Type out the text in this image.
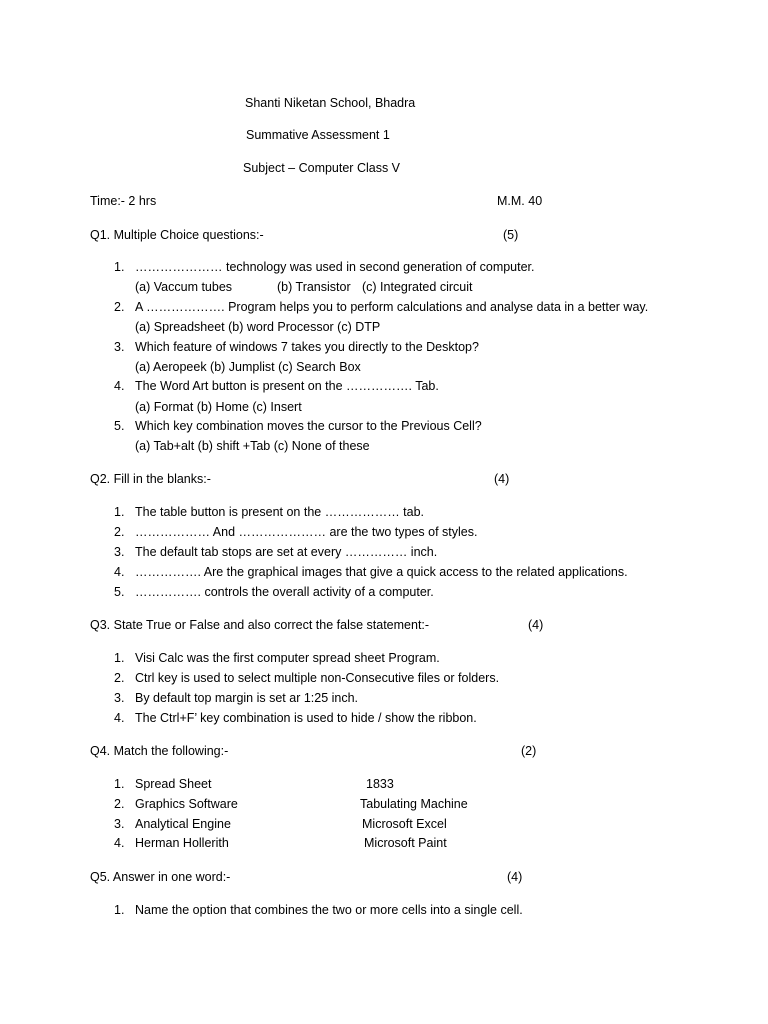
Shanti Niketan School, Bhadra
Summative Assessment 1
Subject – Computer Class V
Time:- 2 hrs	M.M. 40
Q1. Multiple Choice questions:-	(5)
1. ………………… technology was used in second generation of computer.
(a) Vaccum tubes	(b) Transistor (c) Integrated circuit
2. A ………………. Program helps you to perform calculations and analyse data in a better way.
(a) Spreadsheet (b) word Processor (c) DTP
3. Which feature of windows 7 takes you directly to the Desktop?
(a) Aeropeek (b) Jumplist (c) Search Box
4. The Word Art button is present on the ……………. Tab.
(a) Format (b) Home (c) Insert
5. Which key combination moves the cursor to the Previous Cell?
(a) Tab+alt (b) shift +Tab (c) None of these
Q2. Fill in the blanks:-	(4)
1. The table button is present on the ……………… tab.
2. ……………… And ………………… are the two types of styles.
3. The default tab stops are set at every …………… inch.
4. ……………. Are the graphical images that give a quick access to the related applications.
5. ……………. controls the overall activity of a computer.
Q3. State True or False and also correct the false statement:-	(4)
1. Visi Calc was the first computer spread sheet Program.
2. Ctrl key is used to select multiple non-Consecutive files or folders.
3. By default top margin is set ar 1:25 inch.
4. The Ctrl+F’ key combination is used to hide / show the ribbon.
Q4. Match the following:-	(2)
1. Spread Sheet	1833
2. Graphics Software	Tabulating Machine
3. Analytical Engine	Microsoft Excel
4. Herman Hollerith	Microsoft Paint
Q5. Answer in one word:-	(4)
1. Name the option that combines the two or more cells into a single cell.
